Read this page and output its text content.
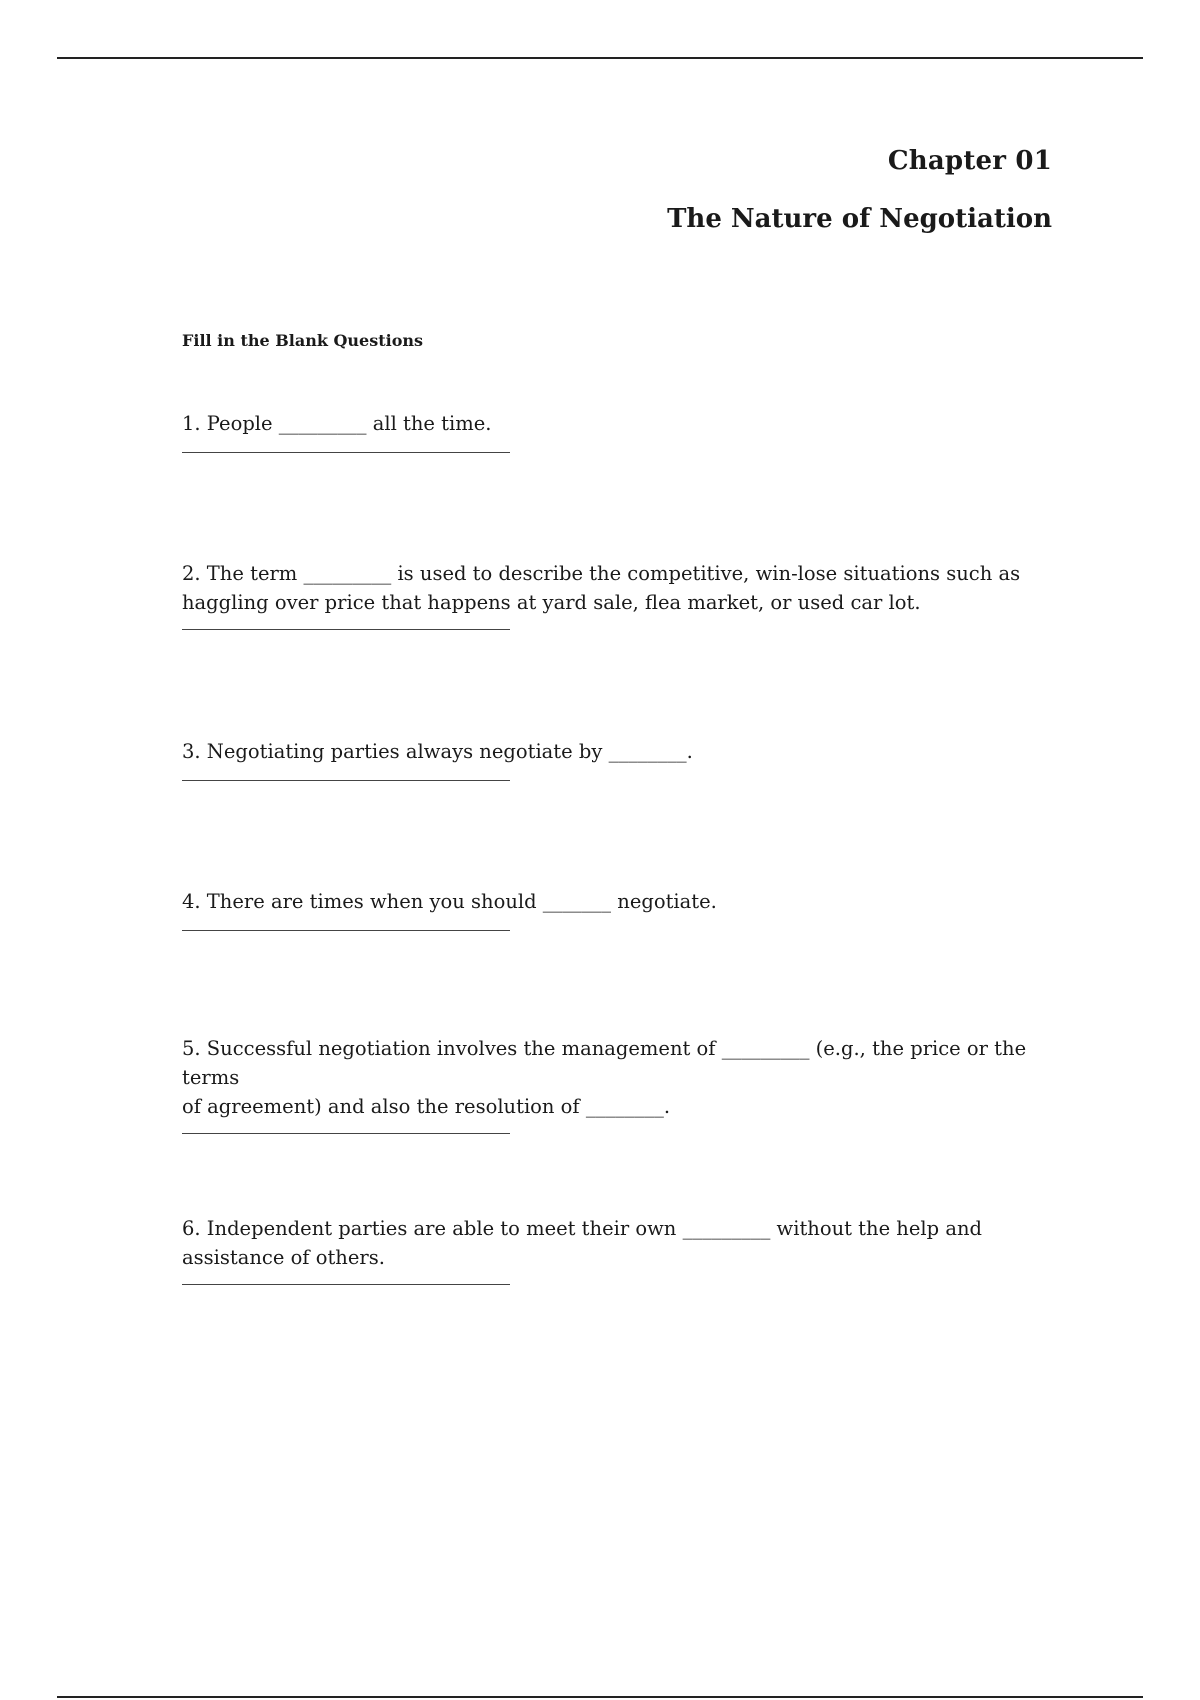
Chapter 01
The Nature of Negotiation
Fill in the Blank Questions

1. People _________ all the time.

2. The term _________ is used to describe the competitive, win-lose situations such as
haggling over price that happens at yard sale, flea market, or used car lot.

3. Negotiating parties always negotiate by ________.

4. There are times when you should _______ negotiate.

5. Successful negotiation involves the management of _________ (e.g., the price or the terms
of agreement) and also the resolution of ________.

6. Independent parties are able to meet their own _________ without the help and
assistance of others.
